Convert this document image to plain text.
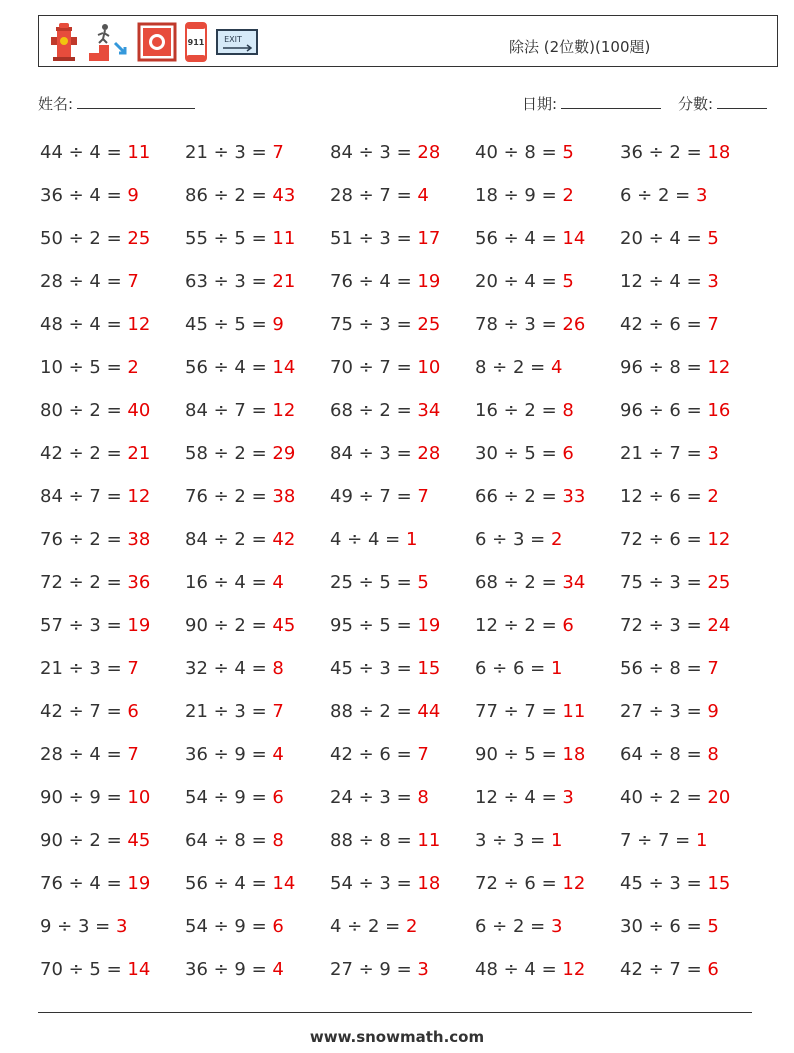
911 EXIT	除法 (2位數)(100題)
姓名:	日期:	分數:
44 ÷ 4 = 11 21 ÷ 3 = 7	84 ÷ 3 = 28 40 ÷ 8 = 5	36 ÷ 2 = 18
36 ÷ 4 = 9	86 ÷ 2 = 43 28 ÷ 7 = 4	18 ÷ 9 = 2	6 ÷ 2 = 3
50 ÷ 2 = 25 55 ÷ 5 = 11 51 ÷ 3 = 17 56 ÷ 4 = 14 20 ÷ 4 = 5
28 ÷ 4 = 7	63 ÷ 3 = 21 76 ÷ 4 = 19 20 ÷ 4 = 5	12 ÷ 4 = 3
48 ÷ 4 = 12 45 ÷ 5 = 9	75 ÷ 3 = 25 78 ÷ 3 = 26 42 ÷ 6 = 7
10 ÷ 5 = 2	56 ÷ 4 = 14 70 ÷ 7 = 10 8 ÷ 2 = 4	96 ÷ 8 = 12
80 ÷ 2 = 40 84 ÷ 7 = 12 68 ÷ 2 = 34 16 ÷ 2 = 8	96 ÷ 6 = 16
42 ÷ 2 = 21 58 ÷ 2 = 29 84 ÷ 3 = 28 30 ÷ 5 = 6	21 ÷ 7 = 3
84 ÷ 7 = 12 76 ÷ 2 = 38 49 ÷ 7 = 7	66 ÷ 2 = 33 12 ÷ 6 = 2
76 ÷ 2 = 38 84 ÷ 2 = 42 4 ÷ 4 = 1	6 ÷ 3 = 2	72 ÷ 6 = 12
72 ÷ 2 = 36 16 ÷ 4 = 4	25 ÷ 5 = 5	68 ÷ 2 = 34 75 ÷ 3 = 25
57 ÷ 3 = 19 90 ÷ 2 = 45 95 ÷ 5 = 19 12 ÷ 2 = 6	72 ÷ 3 = 24
21 ÷ 3 = 7	32 ÷ 4 = 8	45 ÷ 3 = 15 6 ÷ 6 = 1	56 ÷ 8 = 7
42 ÷ 7 = 6	21 ÷ 3 = 7	88 ÷ 2 = 44 77 ÷ 7 = 11 27 ÷ 3 = 9
28 ÷ 4 = 7	36 ÷ 9 = 4	42 ÷ 6 = 7	90 ÷ 5 = 18 64 ÷ 8 = 8
90 ÷ 9 = 10 54 ÷ 9 = 6	24 ÷ 3 = 8	12 ÷ 4 = 3	40 ÷ 2 = 20
90 ÷ 2 = 45 64 ÷ 8 = 8	88 ÷ 8 = 11 3 ÷ 3 = 1	7 ÷ 7 = 1
76 ÷ 4 = 19 56 ÷ 4 = 14 54 ÷ 3 = 18 72 ÷ 6 = 12 45 ÷ 3 = 15
9 ÷ 3 = 3	54 ÷ 9 = 6	4 ÷ 2 = 2	6 ÷ 2 = 3	30 ÷ 6 = 5
70 ÷ 5 = 14 36 ÷ 9 = 4	27 ÷ 9 = 3	48 ÷ 4 = 12 42 ÷ 7 = 6
www.snowmath.com
